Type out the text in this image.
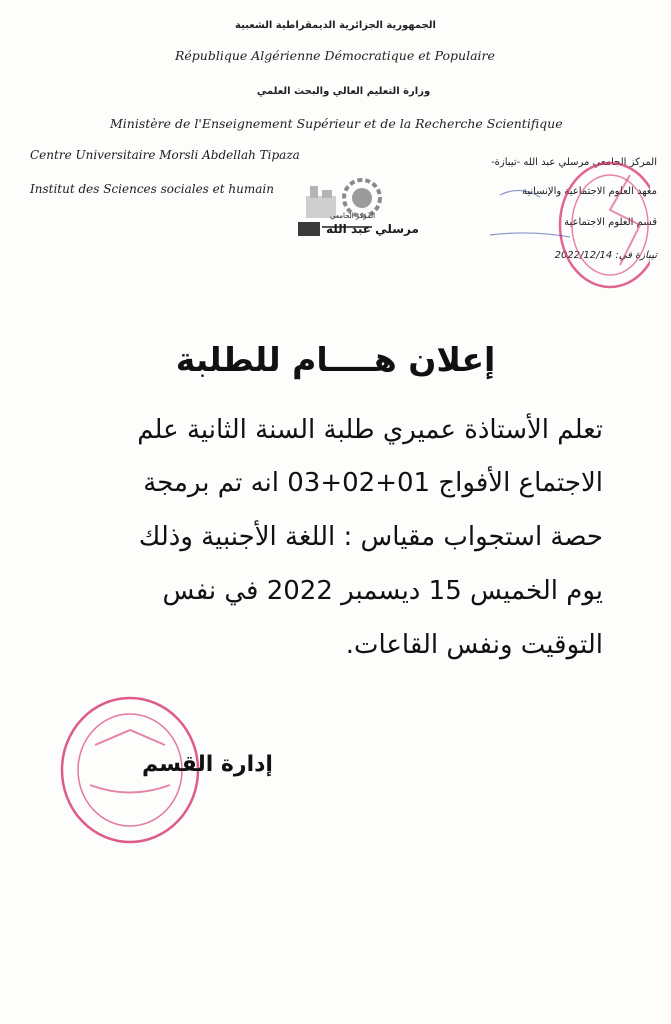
الجمهورية الجزائرية الديمقراطية الشعبية
République Algérienne Démocratique et Populaire
وزارة التعليم العالي والبحث العلمي
Ministère de l'Enseignement Supérieur et de la Recherche Scientifique
Centre Universitaire Morsli Abdellah Tipaza
Institut des Sciences sociales et humain
المركز الجامعي مرسلي عبد الله -تيبازة-
معهد العلوم الاجتماعية والإنسانية
قسم العلوم الاجتماعية
تيبازة في: 2022/12/14
المركز الجامعي
مرسلي عبد الله
إعلان هــــام للطلبة
تعلم الأستاذة عميري طلبة السنة الثانية علم
الاجتماع الأفواج 01+02+03 انه تم برمجة
حصة استجواب مقياس : اللغة الأجنبية وذلك
يوم الخميس 15 ديسمبر 2022 في نفس
التوقيت ونفس القاعات.
إدارة القسم
